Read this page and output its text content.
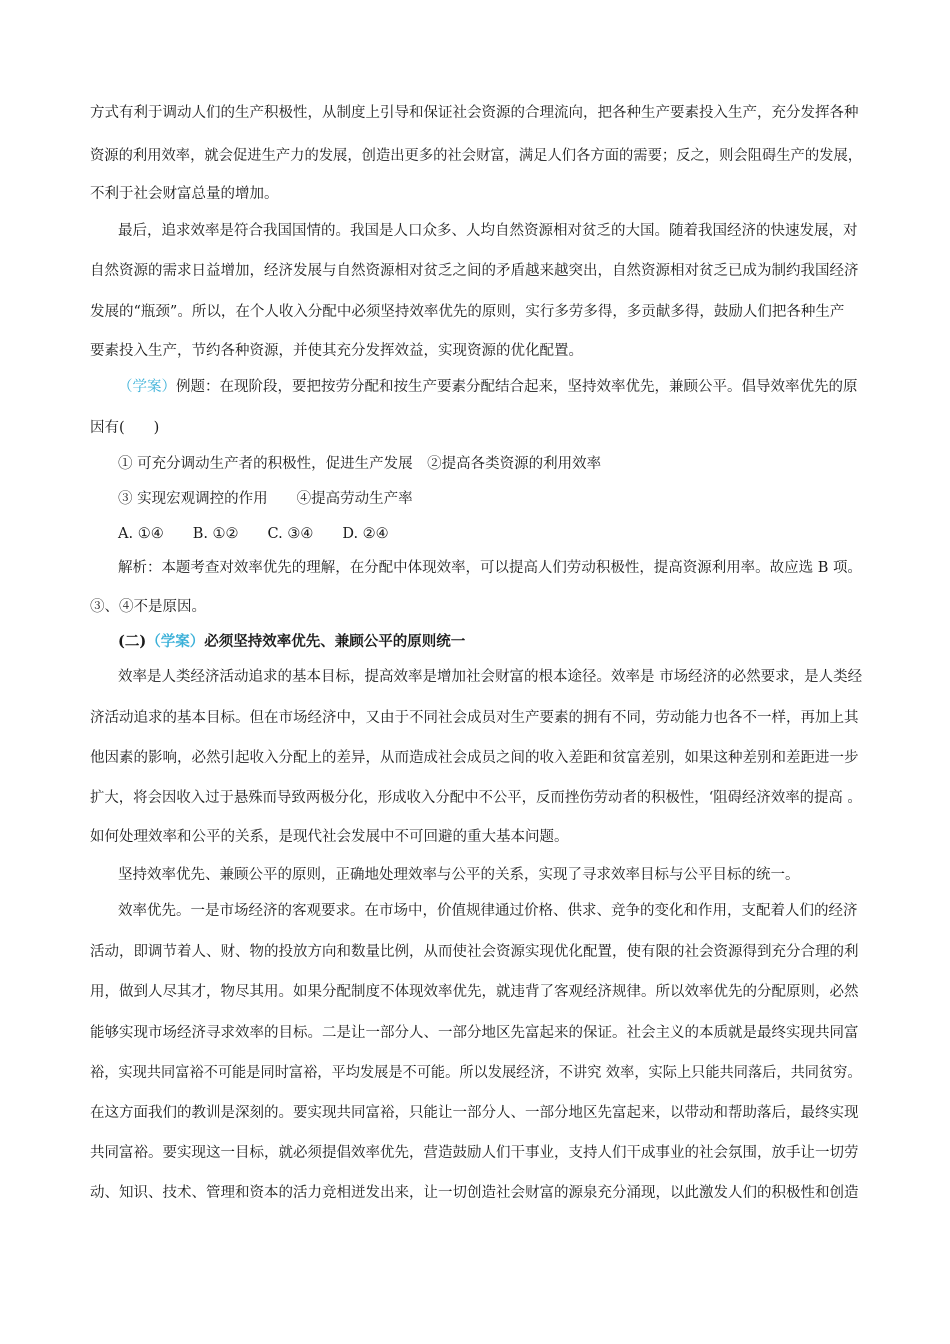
方式有利于调动人们的生产积极性，从制度上引导和保证社会资源的合理流向，把各种生产要素投入生产，充分发挥各种
资源的利用效率，就会促进生产力的发展，创造出更多的社会财富，满足人们各方面的需要；反之，则会阻碍生产的发展，
不利于社会财富总量的增加。
最后，追求效率是符合我国国情的。我国是人口众多、人均自然资源相对贫乏的大国。随着我国经济的快速发展，对
自然资源的需求日益增加，经济发展与自然资源相对贫乏之间的矛盾越来越突出，自然资源相对贫乏已成为制约我国经济
发展的“瓶颈”。所以，在个人收入分配中必须坚持效率优先的原则，实行多劳多得，多贡献多得，鼓励人们把各种生产
要素投入生产，节约各种资源，并使其充分发挥效益，实现资源的优化配置。
（学案）例题：在现阶段，要把按劳分配和按生产要素分配结合起来，坚持效率优先，兼顾公平。倡导效率优先的原
因有(　　)
① 可充分调动生产者的积极性，促进生产发展　②提高各类资源的利用效率
③ 实现宏观调控的作用　　④提高劳动生产率
A. ①④　　B. ①②　　C. ③④　　D. ②④
解析：本题考查对效率优先的理解，在分配中体现效率，可以提高人们劳动积极性，提高资源利用率。故应选 B 项。
③、④不是原因。
(二)（学案）必须坚持效率优先、兼顾公平的原则统一
效率是人类经济活动追求的基本目标，提高效率是增加社会财富的根本途径。效率是 市场经济的必然要求，是人类经
济活动追求的基本目标。但在市场经济中，又由于不同社会成员对生产要素的拥有不同，劳动能力也各不一样，再加上其
他因素的影响，必然引起收入分配上的差异，从而造成社会成员之间的收入差距和贫富差别，如果这种差别和差距进一步
扩大，将会因收入过于悬殊而导致两极分化，形成收入分配中不公平，反而挫伤劳动者的积极性，‘阻碍经济效率的提高 。
如何处理效率和公平的关系，是现代社会发展中不可回避的重大基本问题。
坚持效率优先、兼顾公平的原则，正确地处理效率与公平的关系，实现了寻求效率目标与公平目标的统一。
效率优先。一是市场经济的客观要求。在市场中，价值规律通过价格、供求、竞争的变化和作用，支配着人们的经济
活动，即调节着人、财、物的投放方向和数量比例，从而使社会资源实现优化配置，使有限的社会资源得到充分合理的利
用，做到人尽其才，物尽其用。如果分配制度不体现效率优先，就违背了客观经济规律。所以效率优先的分配原则，必然
能够实现市场经济寻求效率的目标。二是让一部分人、一部分地区先富起来的保证。社会主义的本质就是最终实现共同富
裕，实现共同富裕不可能是同时富裕，平均发展是不可能。所以发展经济，不讲究 效率，实际上只能共同落后，共同贫穷。
在这方面我们的教训是深刻的。要实现共同富裕，只能让一部分人、一部分地区先富起来，以带动和帮助落后，最终实现
共同富裕。要实现这一目标，就必须提倡效率优先，营造鼓励人们干事业，支持人们干成事业的社会氛围，放手让一切劳
动、知识、技术、管理和资本的活力竞相迸发出来，让一切创造社会财富的源泉充分涌现，以此激发人们的积极性和创造
